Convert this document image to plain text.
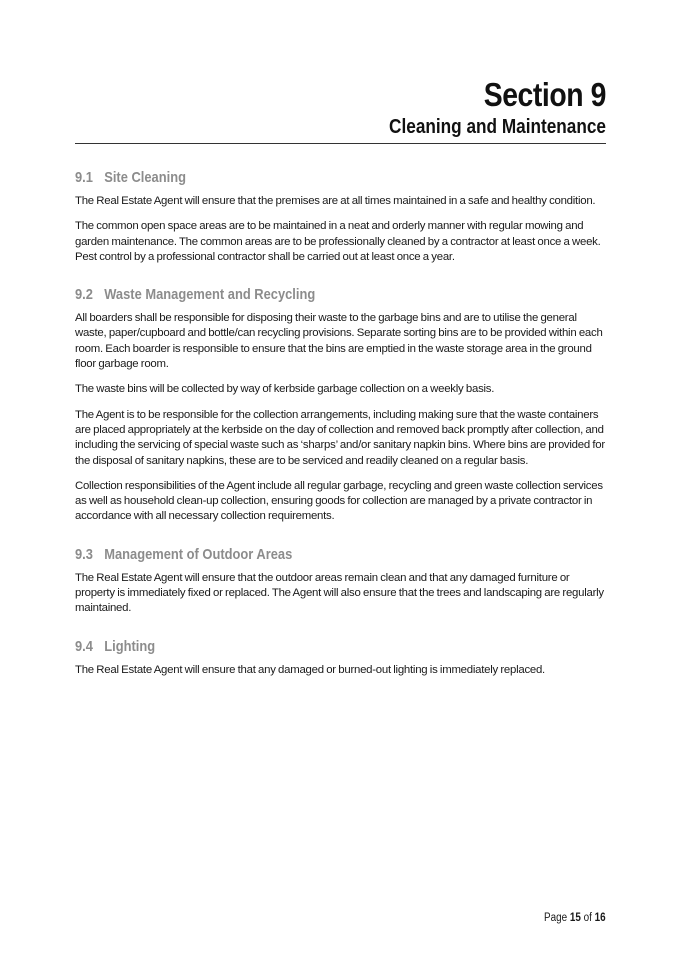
Section 9
Cleaning and Maintenance
9.1 Site Cleaning

The Real Estate Agent will ensure that the premises are at all times maintained in a safe and healthy condition.

The common open space areas are to be maintained in a neat and orderly manner with regular mowing and garden maintenance. The common areas are to be professionally cleaned by a contractor at least once a week. Pest control by a professional contractor shall be carried out at least once a year.

9.2 Waste Management and Recycling

All boarders shall be responsible for disposing their waste to the garbage bins and are to utilise the general waste, paper/cupboard and bottle/can recycling provisions. Separate sorting bins are to be provided within each room. Each boarder is responsible to ensure that the bins are emptied in the waste storage area in the ground floor garbage room.

The waste bins will be collected by way of kerbside garbage collection on a weekly basis.

The Agent is to be responsible for the collection arrangements, including making sure that the waste containers are placed appropriately at the kerbside on the day of collection and removed back promptly after collection, and including the servicing of special waste such as ‘sharps’ and/or sanitary napkin bins. Where bins are provided for the disposal of sanitary napkins, these are to be serviced and readily cleaned on a regular basis.

Collection responsibilities of the Agent include all regular garbage, recycling and green waste collection services as well as household clean-up collection, ensuring goods for collection are managed by a private contractor in accordance with all necessary collection requirements.

9.3 Management of Outdoor Areas

The Real Estate Agent will ensure that the outdoor areas remain clean and that any damaged furniture or property is immediately fixed or replaced. The Agent will also ensure that the trees and landscaping are regularly maintained.

9.4 Lighting

The Real Estate Agent will ensure that any damaged or burned-out lighting is immediately replaced.

Page 15 of 16
